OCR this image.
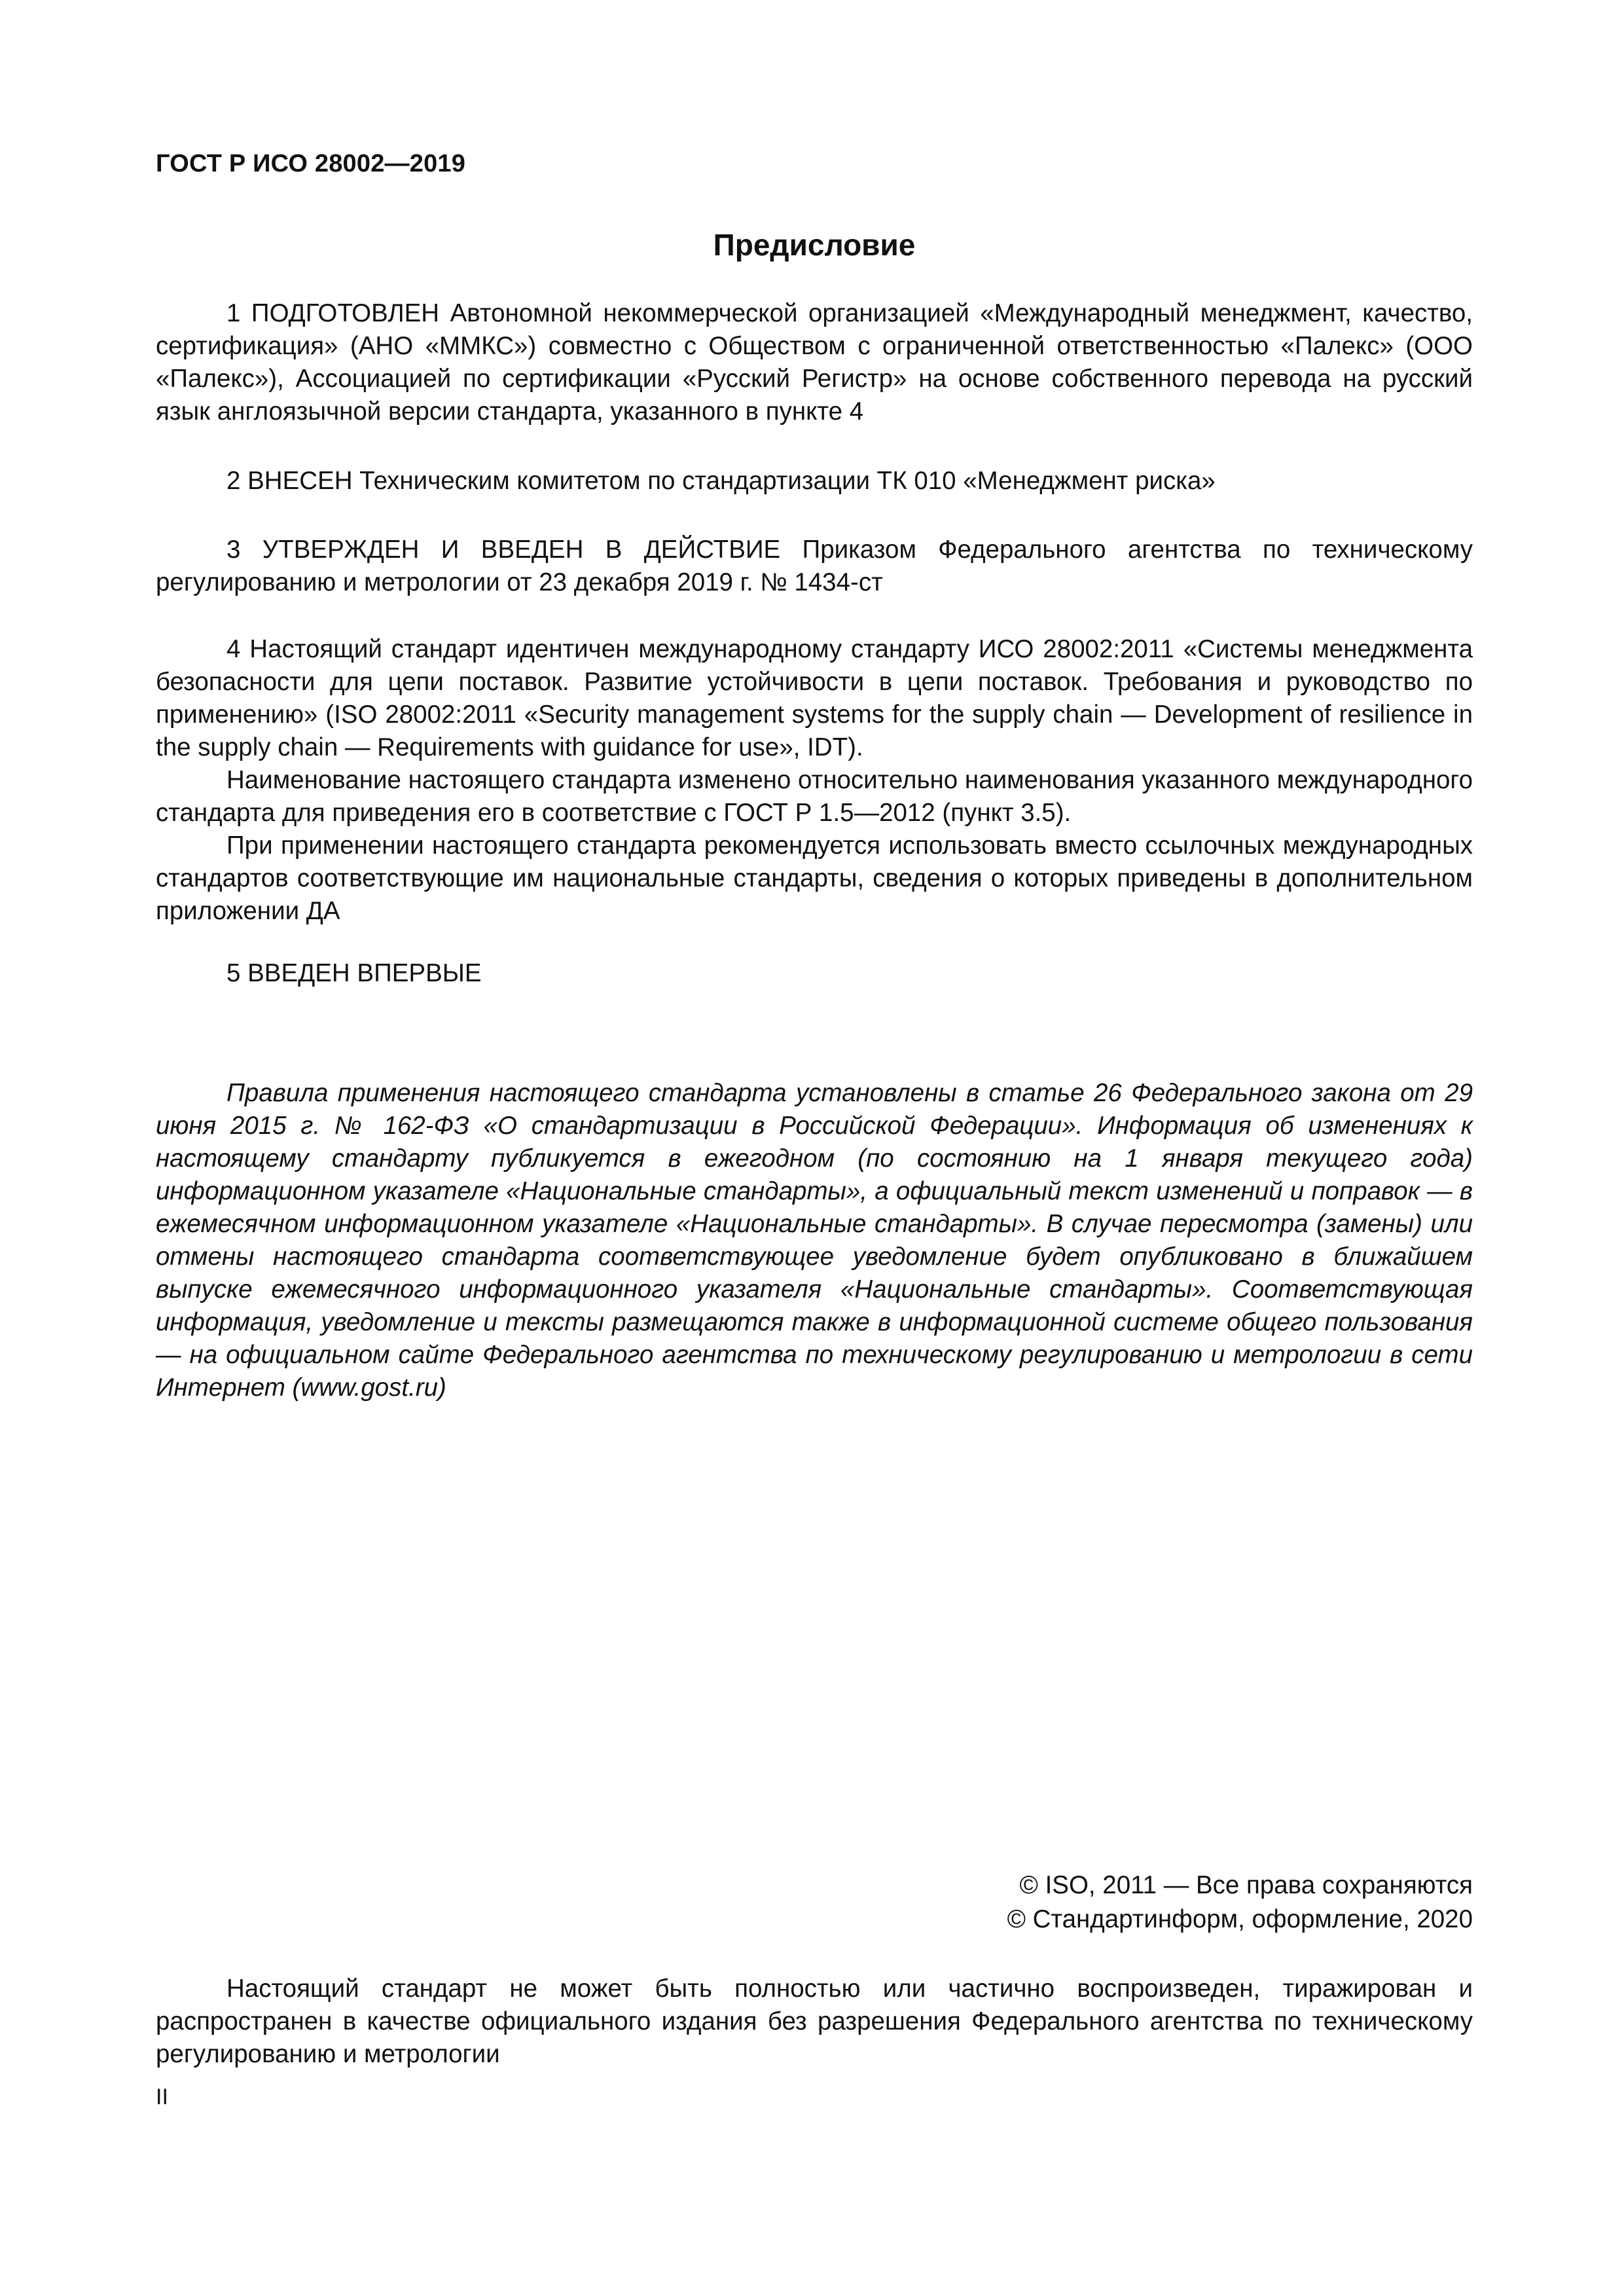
ГОСТ Р ИСО 28002—2019
Предисловие

1 ПОДГОТОВЛЕН Автономной некоммерческой организацией «Международный менеджмент, качество, сертификация» (АНО «ММКС») совместно с Обществом с ограниченной ответственностью «Палекс» (ООО «Палекс»), Ассоциацией по сертификации «Русский Регистр» на основе собственного перевода на русский язык англоязычной версии стандарта, указанного в пункте 4

2 ВНЕСЕН Техническим комитетом по стандартизации ТК 010 «Менеджмент риска»

3 УТВЕРЖДЕН И ВВЕДЕН В ДЕЙСТВИЕ Приказом Федерального агентства по техническому регулированию и метрологии от 23 декабря 2019 г. № 1434-ст

4 Настоящий стандарт идентичен международному стандарту ИСО 28002:2011 «Системы менеджмента безопасности для цепи поставок. Развитие устойчивости в цепи поставок. Требования и руководство по применению» (ISO 28002:2011 «Security management systems for the supply chain — Development of resilience in the supply chain — Requirements with guidance for use», IDT).

Наименование настоящего стандарта изменено относительно наименования указанного международного стандарта для приведения его в соответствие с ГОСТ Р 1.5—2012 (пункт 3.5).

При применении настоящего стандарта рекомендуется использовать вместо ссылочных международных стандартов соответствующие им национальные стандарты, сведения о которых приведены в дополнительном приложении ДА

5 ВВЕДЕН ВПЕРВЫЕ

Правила применения настоящего стандарта установлены в статье 26 Федерального закона от 29 июня 2015 г. № 162-ФЗ «О стандартизации в Российской Федерации». Информация об изменениях к настоящему стандарту публикуется в ежегодном (по состоянию на 1 января текущего года) информационном указателе «Национальные стандарты», а официальный текст изменений и поправок — в ежемесячном информационном указателе «Национальные стандарты». В случае пересмотра (замены) или отмены настоящего стандарта соответствующее уведомление будет опубликовано в ближайшем выпуске ежемесячного информационного указателя «Национальные стандарты». Соответствующая информация, уведомление и тексты размещаются также в информационной системе общего пользования — на официальном сайте Федерального агентства по техническому регулированию и метрологии в сети Интернет (www.gost.ru)

© ISO, 2011 — Все права сохраняются
© Стандартинформ, оформление, 2020

Настоящий стандарт не может быть полностью или частично воспроизведен, тиражирован и распространен в качестве официального издания без разрешения Федерального агентства по техническому регулированию и метрологии

II
